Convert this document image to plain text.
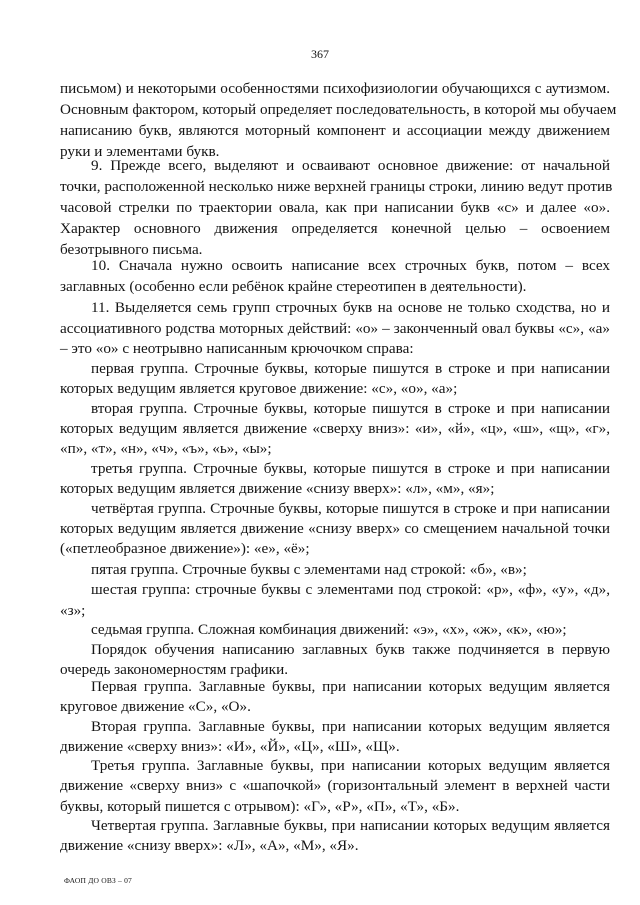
367
письмом) и некоторыми особенностями психофизиологии обучающихся с аутизмом.
Основным фактором, который определяет последовательность, в которой мы обучаем
написанию букв, являются моторный компонент и ассоциации между движением
руки и элементами букв.
9. Прежде всего, выделяют и осваивают основное движение: от начальной
точки, расположенной несколько ниже верхней границы строки, линию ведут против
часовой стрелки по траектории овала, как при написании букв «с» и далее «о».
Характер основного движения определяется конечной целью – освоением
безотрывного письма.
10. Сначала нужно освоить написание всех строчных букв, потом – всех
заглавных (особенно если ребёнок крайне стереотипен в деятельности).
11. Выделяется семь групп строчных букв на основе не только сходства, но и
ассоциативного родства моторных действий: «о» – законченный овал буквы «с», «а»
– это «о» с неотрывно написанным крючочком справа:
первая группа. Строчные буквы, которые пишутся в строке и при написании
которых ведущим является круговое движение: «с», «о», «а»;
вторая группа. Строчные буквы, которые пишутся в строке и при написании
которых ведущим является движение «сверху вниз»: «и», «й», «ц», «ш», «щ», «г»,
«п», «т», «н», «ч», «ъ», «ь», «ы»;
третья группа. Строчные буквы, которые пишутся в строке и при написании
которых ведущим является движение «снизу вверх»: «л», «м», «я»;
четвёртая группа. Строчные буквы, которые пишутся в строке и при написании
которых ведущим является движение «снизу вверх» со смещением начальной точки
(«петлеобразное движение»): «е», «ё»;
пятая группа. Строчные буквы с элементами над строкой: «б», «в»;
шестая группа: строчные буквы с элементами под строкой: «р», «ф», «у», «д»,
«з»;
седьмая группа. Сложная комбинация движений: «э», «х», «ж», «к», «ю»;
Порядок обучения написанию заглавных букв также подчиняется в первую
очередь закономерностям графики.
Первая группа. Заглавные буквы, при написании которых ведущим является
круговое движение «С», «О».
Вторая группа. Заглавные буквы, при написании которых ведущим является
движение «сверху вниз»: «И», «Й», «Ц», «Ш», «Щ».
Третья группа. Заглавные буквы, при написании которых ведущим является
движение «сверху вниз» с «шапочкой» (горизонтальный элемент в верхней части
буквы, который пишется с отрывом): «Г», «Р», «П», «Т», «Б».
Четвертая группа. Заглавные буквы, при написании которых ведущим является
движение «снизу вверх»: «Л», «А», «М», «Я».
ФАОП ДО ОВЗ – 07
